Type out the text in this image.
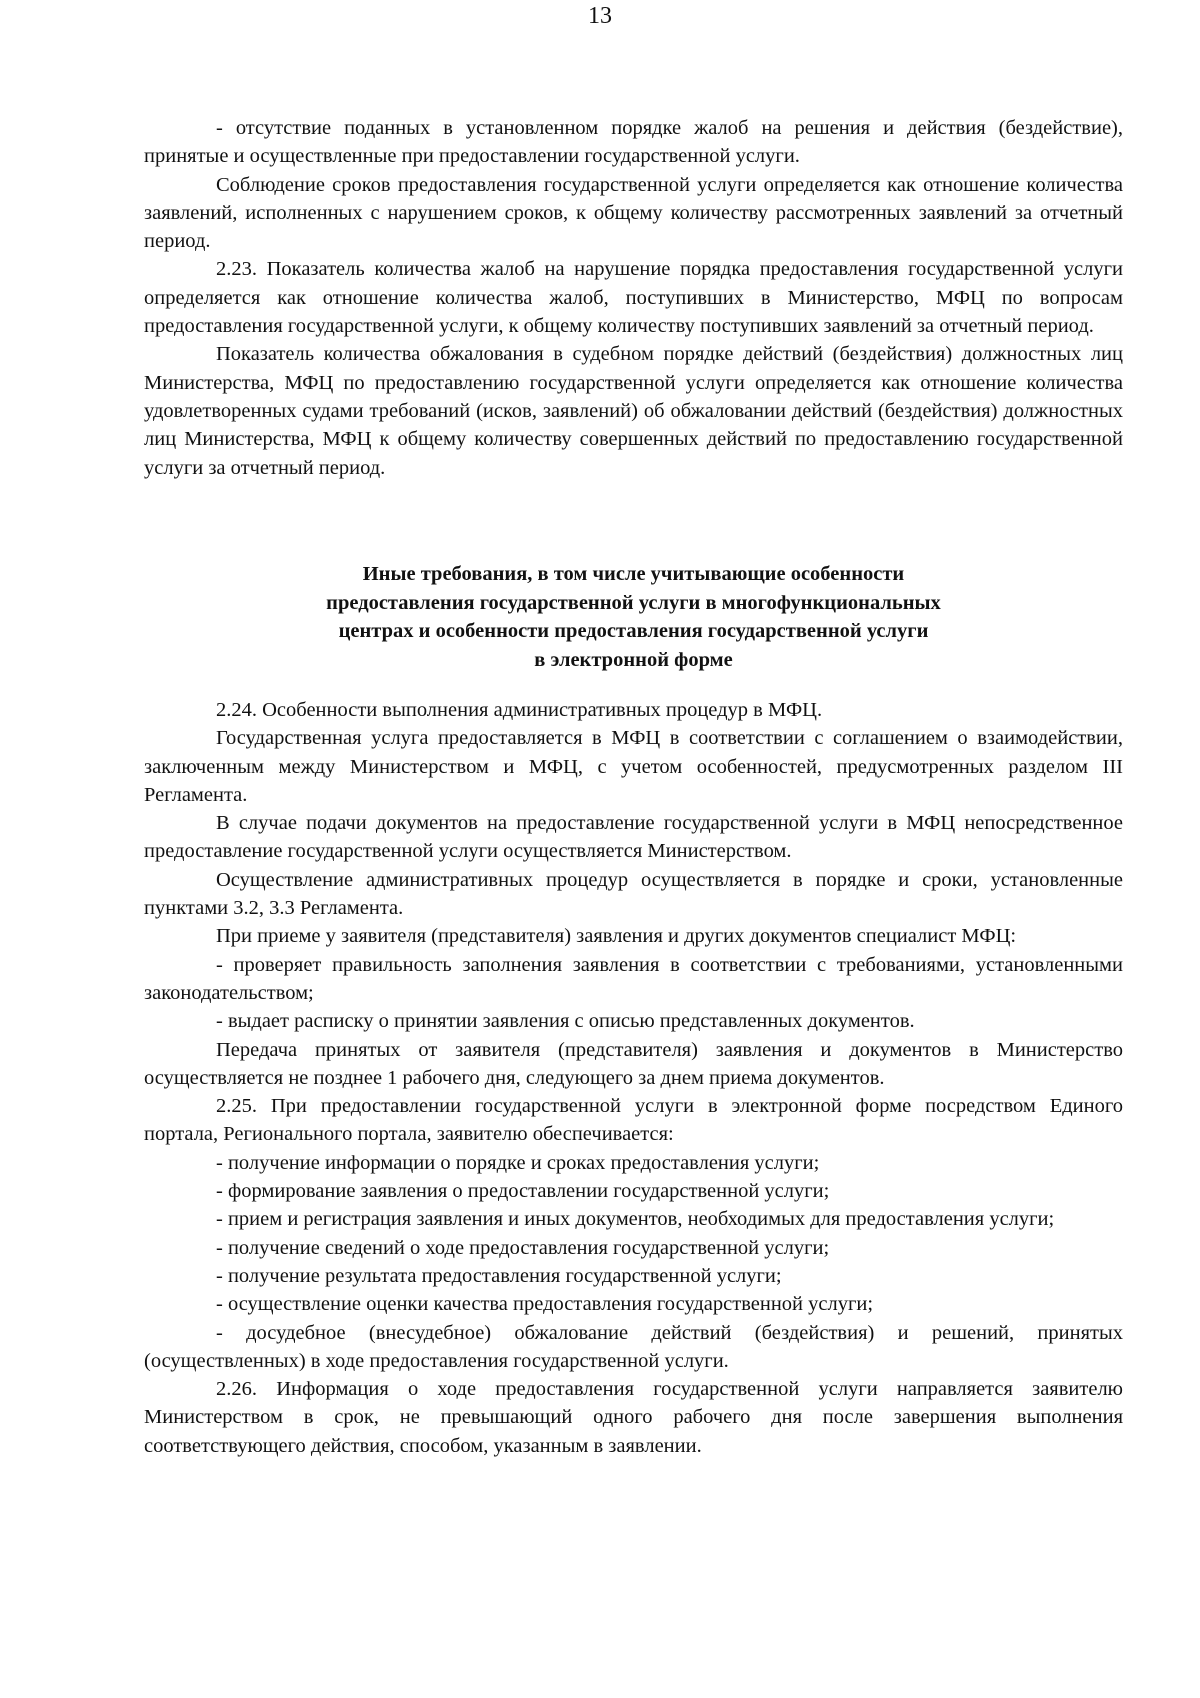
13

- отсутствие поданных в установленном порядке жалоб на решения и действия (бездействие), принятые и осуществленные при предоставлении государственной услуги.

Соблюдение сроков предоставления государственной услуги определяется как отношение количества заявлений, исполненных с нарушением сроков, к общему количеству рассмотренных заявлений за отчетный период.

2.23. Показатель количества жалоб на нарушение порядка предоставления государственной услуги определяется как отношение количества жалоб, поступивших в Министерство, МФЦ по вопросам предоставления государственной услуги, к общему количеству поступивших заявлений за отчетный период.

Показатель количества обжалования в судебном порядке действий (бездействия) должностных лиц Министерства, МФЦ по предоставлению государственной услуги определяется как отношение количества удовлетворенных судами требований (исков, заявлений) об обжаловании действий (бездействия) должностных лиц Министерства, МФЦ к общему количеству совершенных действий по предоставлению государственной услуги за отчетный период.

Иные требования, в том числе учитывающие особенности
предоставления государственной услуги в многофункциональных
центрах и особенности предоставления государственной услуги
в электронной форме

2.24. Особенности выполнения административных процедур в МФЦ.

Государственная услуга предоставляется в МФЦ в соответствии с соглашением о взаимодействии, заключенным между Министерством и МФЦ, с учетом особенностей, предусмотренных разделом III Регламента.

В случае подачи документов на предоставление государственной услуги в МФЦ непосредственное предоставление государственной услуги осуществляется Министерством.

Осуществление административных процедур осуществляется в порядке и сроки, установленные пунктами 3.2, 3.3 Регламента.

При приеме у заявителя (представителя) заявления и других документов специалист МФЦ:

- проверяет правильность заполнения заявления в соответствии с требованиями, установленными законодательством;

- выдает расписку о принятии заявления с описью представленных документов.

Передача принятых от заявителя (представителя) заявления и документов в Министерство осуществляется не позднее 1 рабочего дня, следующего за днем приема документов.

2.25. При предоставлении государственной услуги в электронной форме посредством Единого портала, Регионального портала, заявителю обеспечивается:

- получение информации о порядке и сроках предоставления услуги;

- формирование заявления о предоставлении государственной услуги;

- прием и регистрация заявления и иных документов, необходимых для предоставления услуги;

- получение сведений о ходе предоставления государственной услуги;

- получение результата предоставления государственной услуги;

- осуществление оценки качества предоставления государственной услуги;

- досудебное (внесудебное) обжалование действий (бездействия) и решений, принятых (осуществленных) в ходе предоставления государственной услуги.

2.26. Информация о ходе предоставления государственной услуги направляется заявителю Министерством в срок, не превышающий одного рабочего дня после завершения выполнения соответствующего действия, способом, указанным в заявлении.
